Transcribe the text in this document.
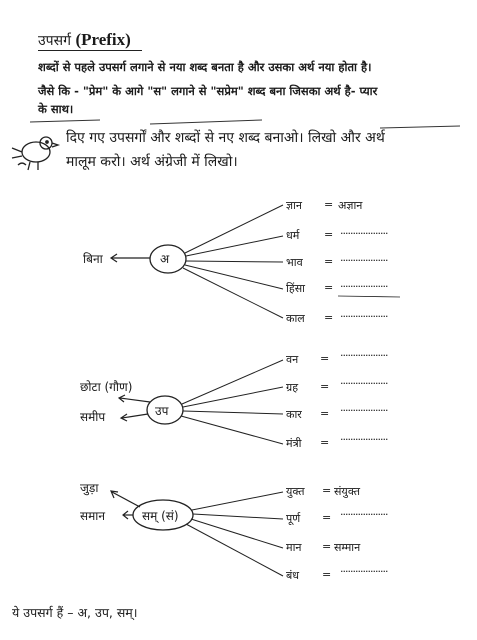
उपसर्ग (Prefix)
शब्दों से पहले उपसर्ग लगाने से नया शब्द बनता है और उसका अर्थ नया होता है।
जैसे कि - "प्रेम" के आगे "स" लगाने से "सप्रेम" शब्द बना जिसका अर्थ है- प्यार
के साथ।
दिए गए उपसर्गों और शब्दों से नए शब्द बनाओ। लिखो और अर्थ
मालूम करो। अर्थ अंग्रेजी में लिखो।
अ
बिना
ज्ञान = अज्ञान
धर्म = ...................
भाव = ...................
हिंसा = ...................
काल = ...................
उप
छोटा (गौण)
समीप
वन = ...................
ग्रह = ...................
कार = ...................
मंत्री = ...................
सम् (सं)
जुड़ा
समान
युक्त = संयुक्त
पूर्ण = ...................
मान = सम्मान
बंध = ...................
ये उपसर्ग हैं – अ, उप, सम्।
